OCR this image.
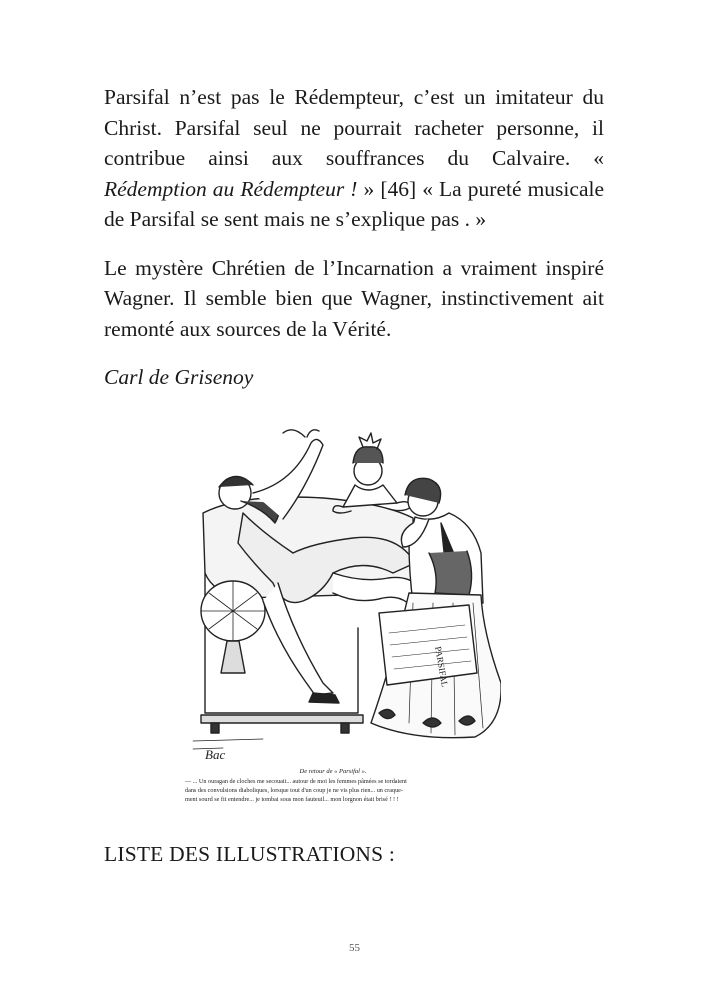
Parsifal n’est pas le Rédempteur, c’est un imitateur du Christ. Parsifal seul ne pourrait racheter personne, il contribue ainsi aux souffrances du Calvaire. « Rédemption au Rédempteur ! » [46] « La pureté musicale de Parsifal se sent mais ne s’explique pas . »

Le mystère Chrétien de l’Incarnation a vraiment inspiré Wagner. Il semble bien que Wagner, instinctivement ait remonté aux sources de la Vérité.

Carl de Grisenoy

PARSIFAL
Bac
De retour de « Parsifal ».
— ... Un ouragan de cloches me secouait... autour de moi les femmes pâmées se tordaient
dans des convulsions diaboliques, lorsque tout d'un coup je ne vis plus rien... un craque-
ment sourd se fit entendre... je tombai sous mon fauteuil... mon lorgnon était brisé ! ! !

LISTE DES ILLUSTRATIONS :

55
